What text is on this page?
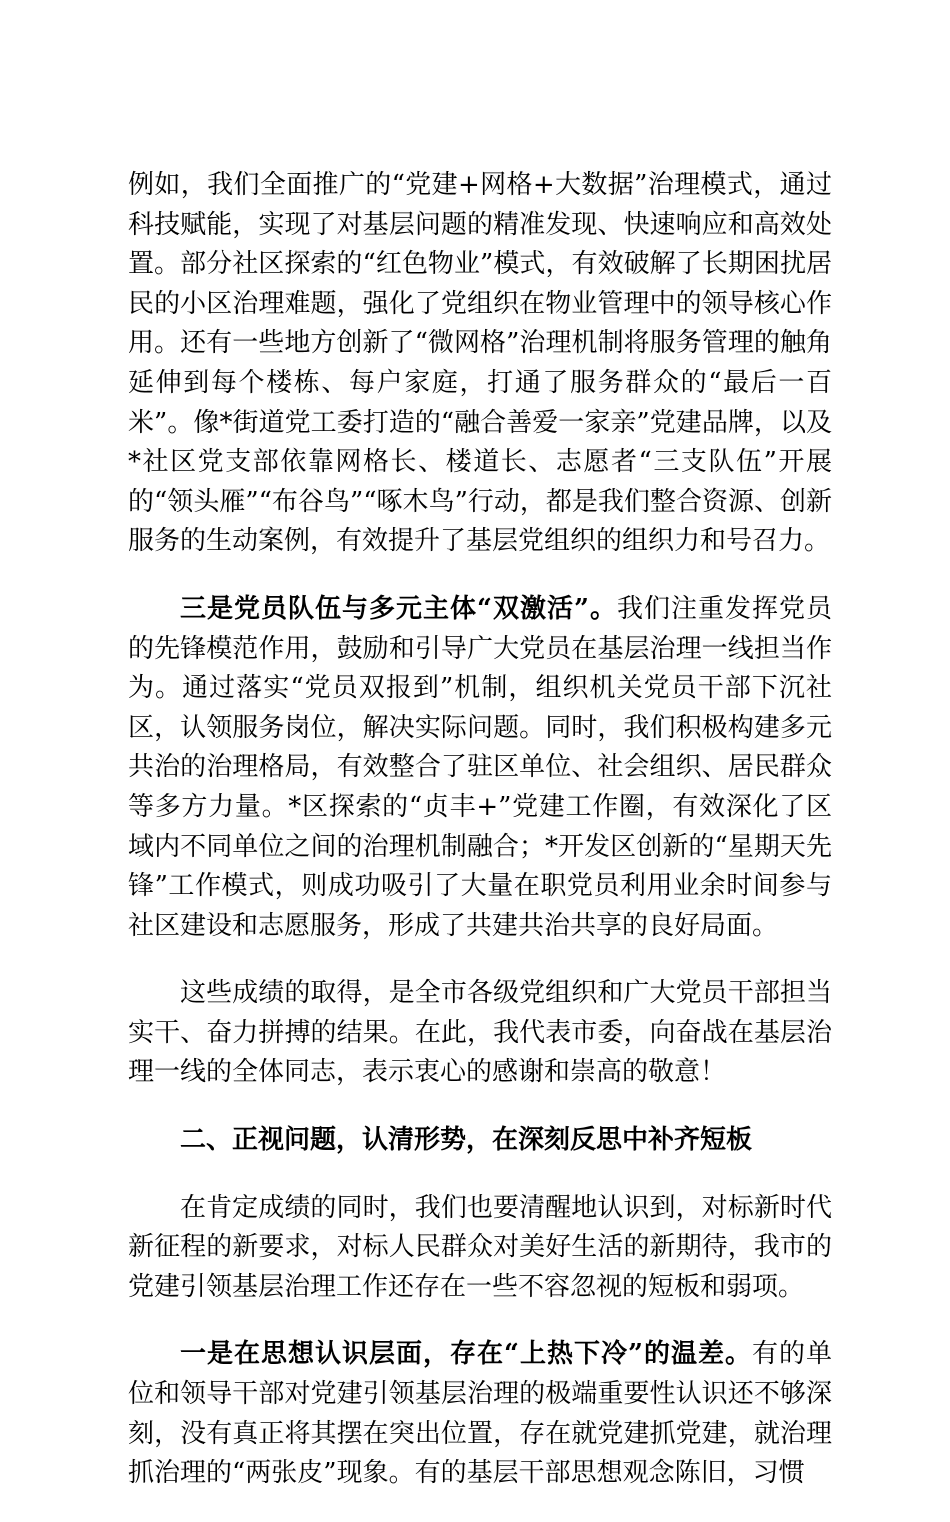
例如，我们全面推广的“党建+网格+大数据”治理模式，通过科技赋能，实现了对基层问题的精准发现、快速响应和高效处置。部分社区探索的“红色物业”模式，有效破解了长期困扰居民的小区治理难题，强化了党组织在物业管理中的领导核心作用。还有一些地方创新了“微网格”治理机制将服务管理的触角延伸到每个楼栋、每户家庭，打通了服务群众的“最后一百米”。像*街道党工委打造的“融合善爱一家亲”党建品牌，以及*社区党支部依靠网格长、楼道长、志愿者“三支队伍”开展的“领头雁”“布谷鸟”“啄木鸟”行动，都是我们整合资源、创新服务的生动案例，有效提升了基层党组织的组织力和号召力。

三是党员队伍与多元主体“双激活”。我们注重发挥党员的先锋模范作用，鼓励和引导广大党员在基层治理一线担当作为。通过落实“党员双报到”机制，组织机关党员干部下沉社区，认领服务岗位，解决实际问题。同时，我们积极构建多元共治的治理格局，有效整合了驻区单位、社会组织、居民群众等多方力量。*区探索的“贞丰+”党建工作圈，有效深化了区域内不同单位之间的治理机制融合；*开发区创新的“星期天先锋”工作模式，则成功吸引了大量在职党员利用业余时间参与社区建设和志愿服务，形成了共建共治共享的良好局面。

这些成绩的取得，是全市各级党组织和广大党员干部担当实干、奋力拼搏的结果。在此，我代表市委，向奋战在基层治理一线的全体同志，表示衷心的感谢和崇高的敬意！

二、正视问题，认清形势，在深刻反思中补齐短板

在肯定成绩的同时，我们也要清醒地认识到，对标新时代新征程的新要求，对标人民群众对美好生活的新期待，我市的党建引领基层治理工作还存在一些不容忽视的短板和弱项。

一是在思想认识层面，存在“上热下冷”的温差。有的单位和领导干部对党建引领基层治理的极端重要性认识还不够深刻，没有真正将其摆在突出位置，存在就党建抓党建，就治理抓治理的“两张皮”现象。有的基层干部思想观念陈旧，习惯
